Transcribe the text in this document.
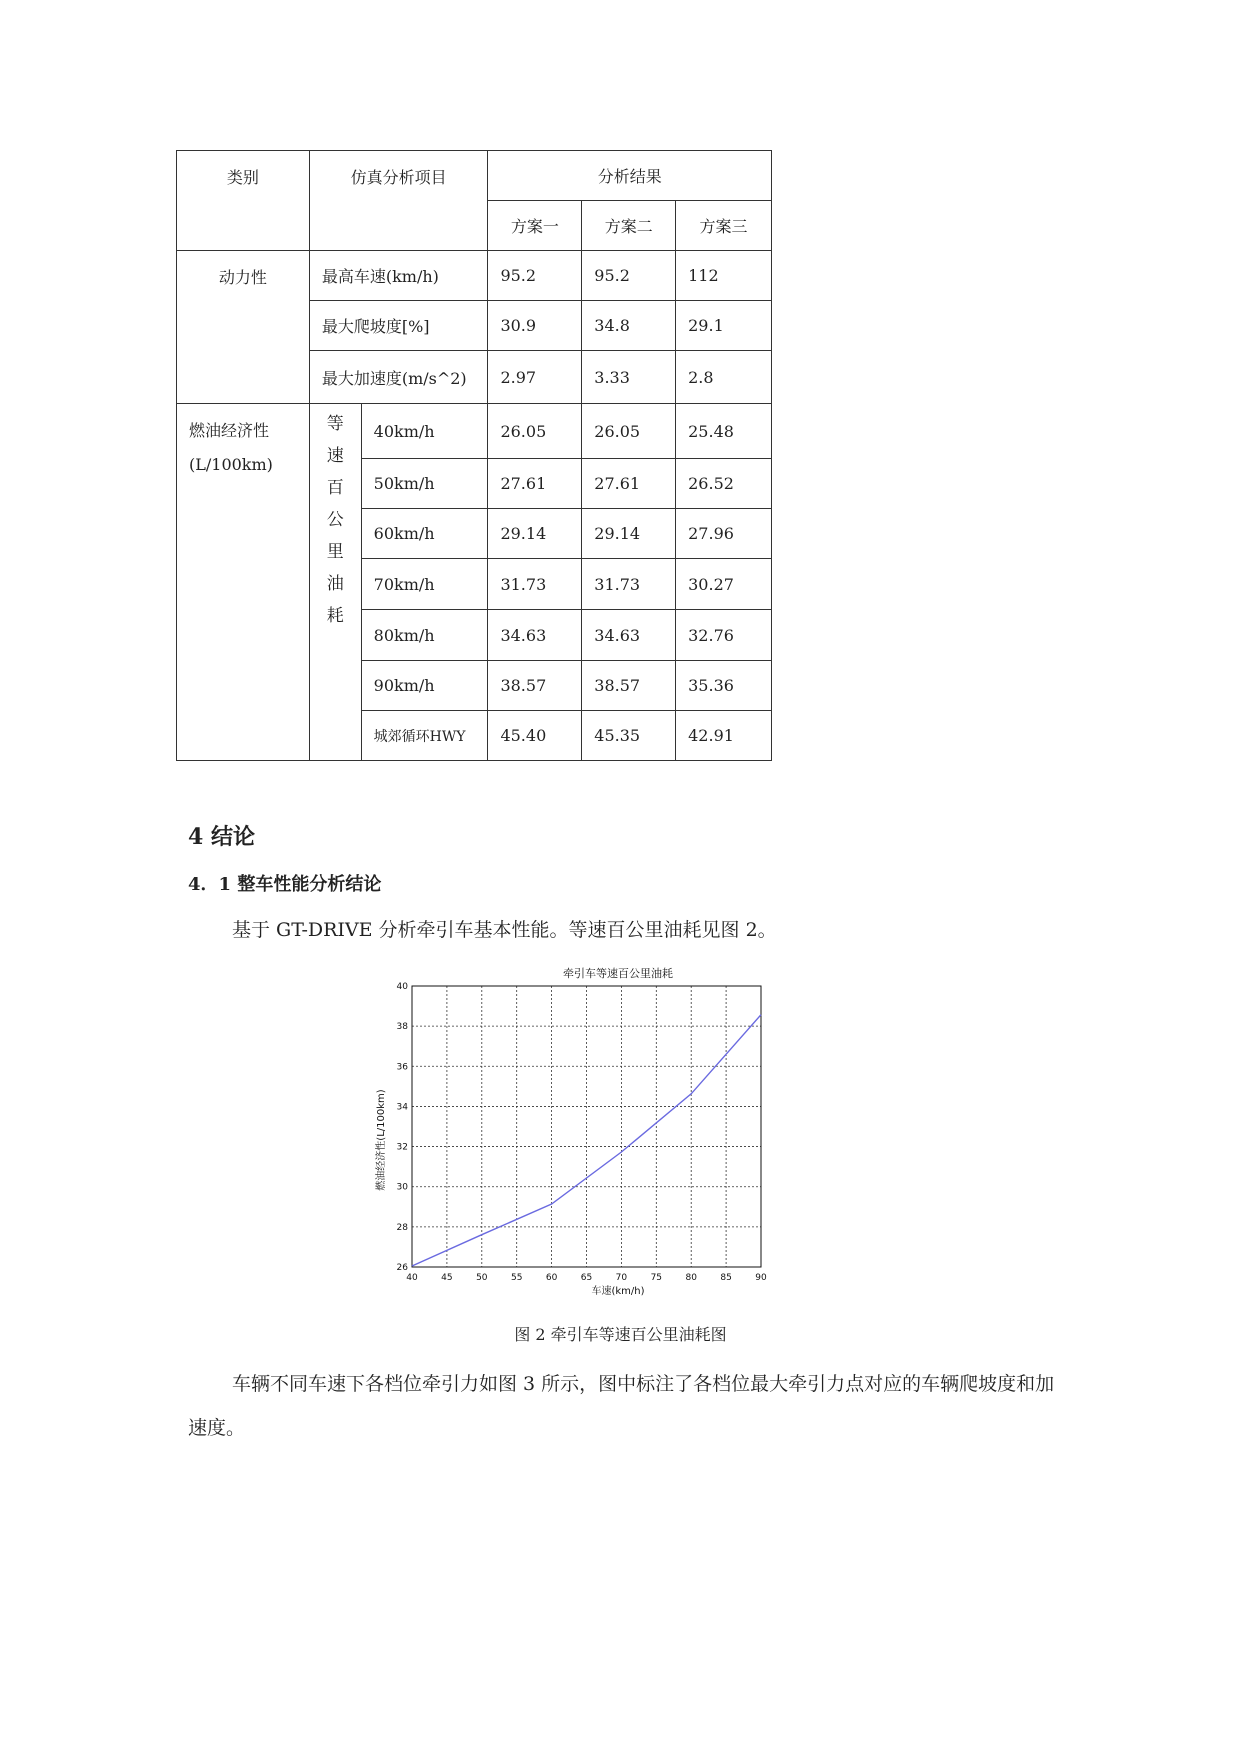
类别	仿真分析项目		分析结果		
			方案一	方案二	方案三
动力性	最高车速(km/h)		95.2	95.2	112
	最大爬坡度[%]		30.9	34.8	29.1
	最大加速度(m/s^2)		2.97	3.33	2.8

燃油经济性
(L/100km)	等速百公里油耗	40km/h	26.05	26.05	25.48
		50km/h	27.61	27.61	26.52
		60km/h	29.14	29.14	27.96
		70km/h	31.73	31.73	30.27
		80km/h	34.63	34.63	32.76
		90km/h	38.57	38.57	35.36
		城郊循环HWY	45.40	45.35	42.91
4 结论
4．1 整车性能分析结论
基于 GT-DRIVE 分析牵引车基本性能。等速百公里油耗见图 2。
牵引车等速百公里油耗
40	45	50	55	60	65	70	75	80	85	90
26
28
30
32
34
36
38
40
车速(km/h)
燃油经济性(L/100km)
图 2 牵引车等速百公里油耗图
车辆不同车速下各档位牵引力如图 3 所示，图中标注了各档位最大牵引力点对应的车辆爬坡度和加速度。
